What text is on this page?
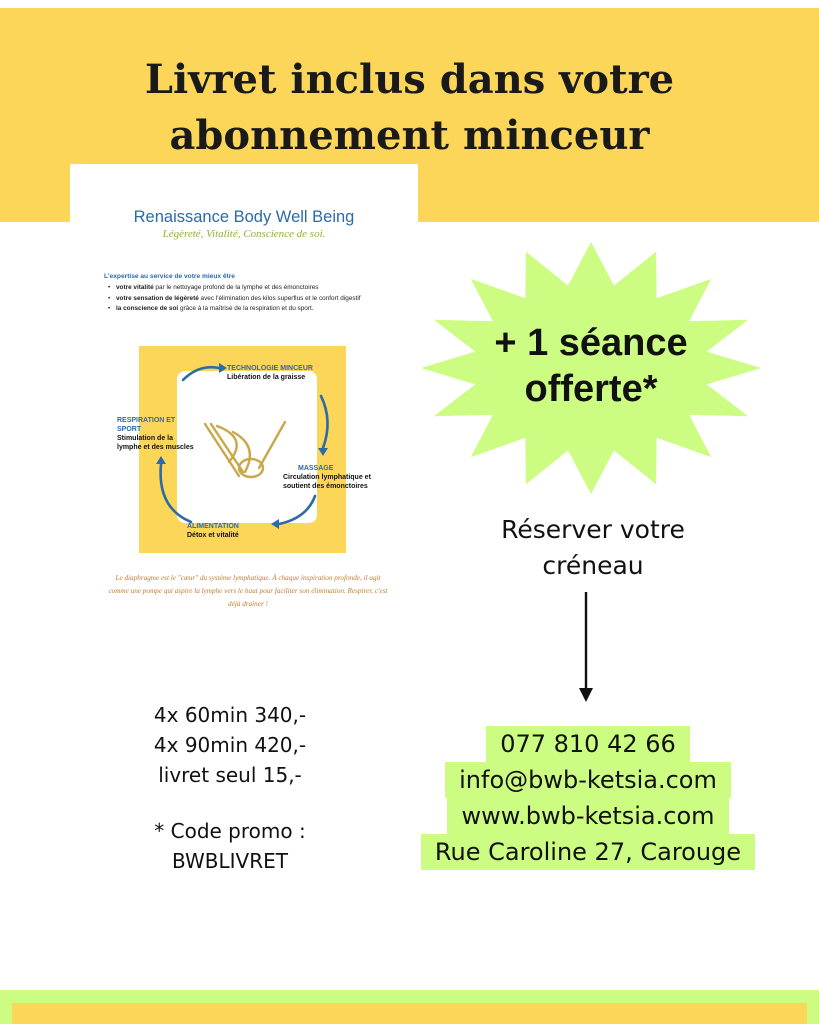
Livret inclus dans votre
abonnement minceur
Renaissance Body Well Being
Légèreté, Vitalité, Conscience de soi.
L'expertise au service de votre mieux être
• votre vitalité par le nettoyage profond de la lymphe et des émonctoires
• votre sensation de légèreté avec l'élimination des kilos superflus et le confort digestif
• la conscience de soi grâce à la maîtrise de la respiration et du sport.
TECHNOLOGIE MINCEUR
Libération de la graisse
RESPIRATION ET SPORT
Stimulation de la lymphe et des muscles
MASSAGE
Circulation lymphatique et soutient des émonctoires
ALIMENTATION
Détox et vitalité
Le diaphragme est le "cœur" du système lymphatique. À chaque inspiration profonde, il agit comme une pompe qui aspire la lymphe vers le haut pour faciliter son élimination. Respirer, c'est déjà drainer !
+ 1 séance
offerte*
Réserver votre
créneau
4x 60min 340,-
4x 90min 420,-
livret seul 15,-
* Code promo :
BWBLIVRET
077 810 42 66
info@bwb-ketsia.com
www.bwb-ketsia.com
Rue Caroline 27, Carouge
